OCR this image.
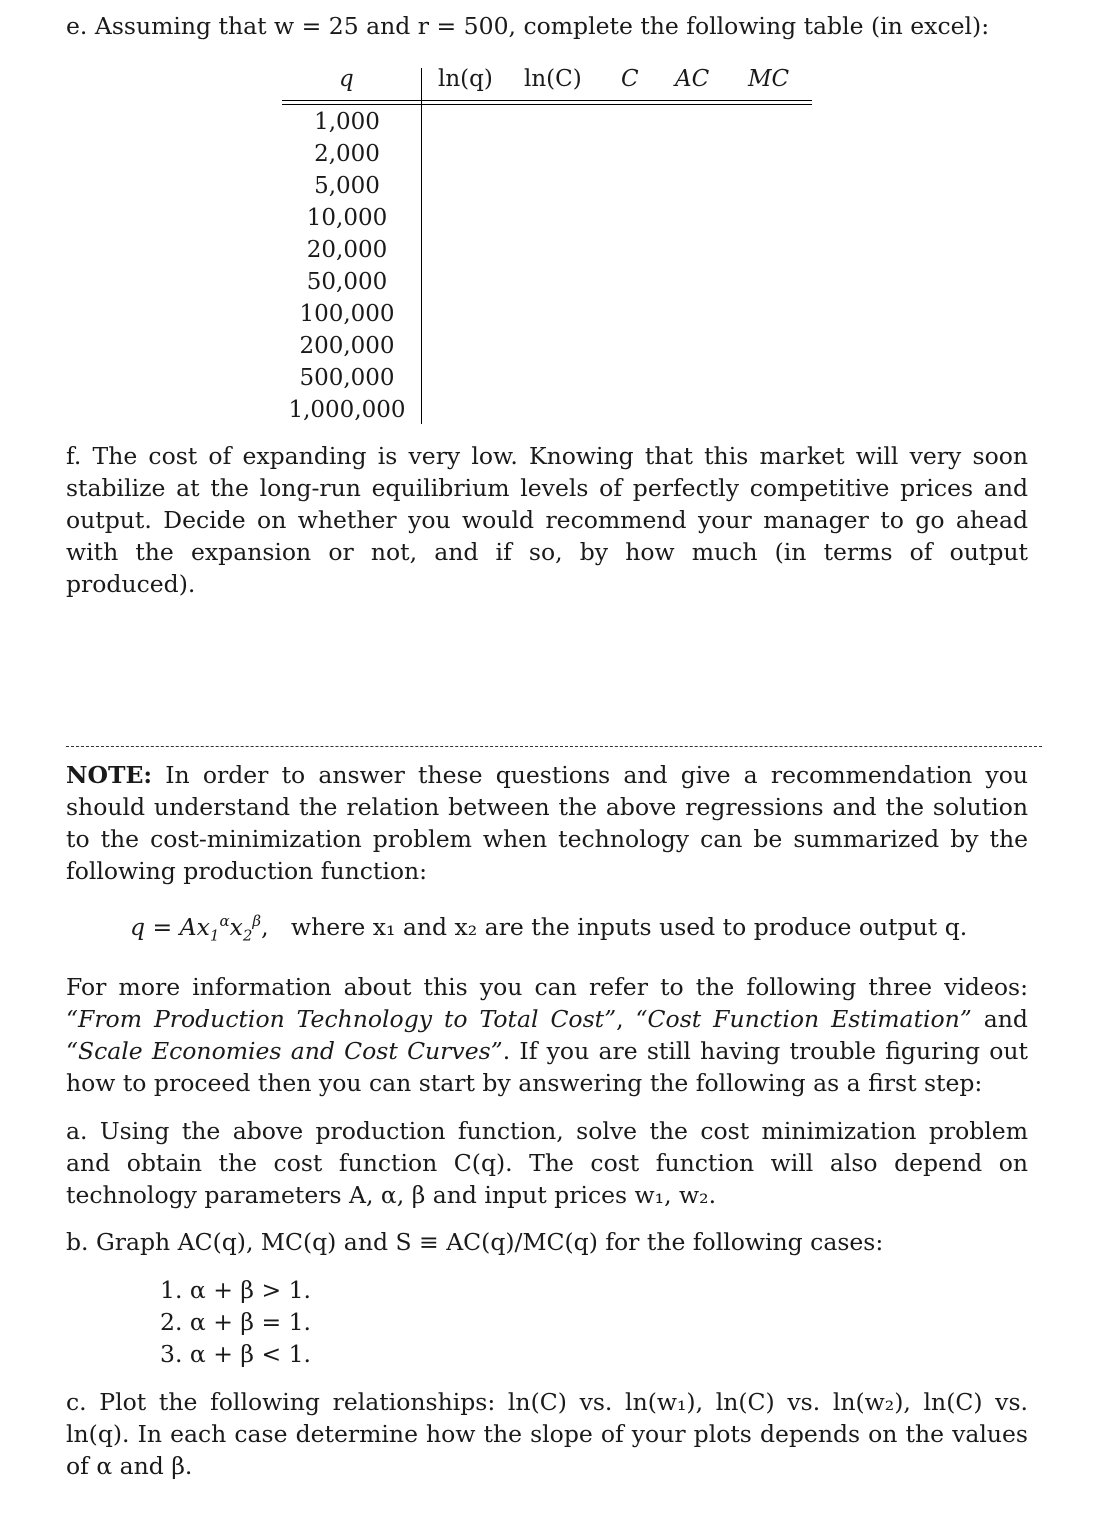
e. Assuming that w = 25 and r = 500, complete the following table (in excel):
q	ln(q) ln(C) C AC MC
1,000
2,000
5,000
10,000
20,000
50,000
100,000
200,000
500,000
1,000,000
f. The cost of expanding is very low. Knowing that this market will very soon stabilize at the long-run equilibrium levels of perfectly competitive prices and output. Decide on whether you would recommend your manager to go ahead with the expansion or not, and if so, by how much (in terms of output produced).
NOTE: In order to answer these questions and give a recommendation you should understand the relation between the above regressions and the solution to the cost-minimization problem when technology can be summarized by the following production function:
$q = Ax_1^\alpha x_2^\beta$,   where x₁ and x₂ are the inputs used to produce output q.
For more information about this you can refer to the following three videos: “From Production Technology to Total Cost”, “Cost Function Estimation” and “Scale Economies and Cost Curves”. If you are still having trouble figuring out how to proceed then you can start by answering the following as a first step:
a. Using the above production function, solve the cost minimization problem and obtain the cost function C(q). The cost function will also depend on technology parameters A, α, β and input prices w₁, w₂.
b. Graph AC(q), MC(q) and S ≡ AC(q)/MC(q) for the following cases:
1. α + β > 1.
2. α + β = 1.
3. α + β < 1.
c. Plot the following relationships: ln(C) vs. ln(w₁), ln(C) vs. ln(w₂), ln(C) vs. ln(q). In each case determine how the slope of your plots depends on the values of α and β.
